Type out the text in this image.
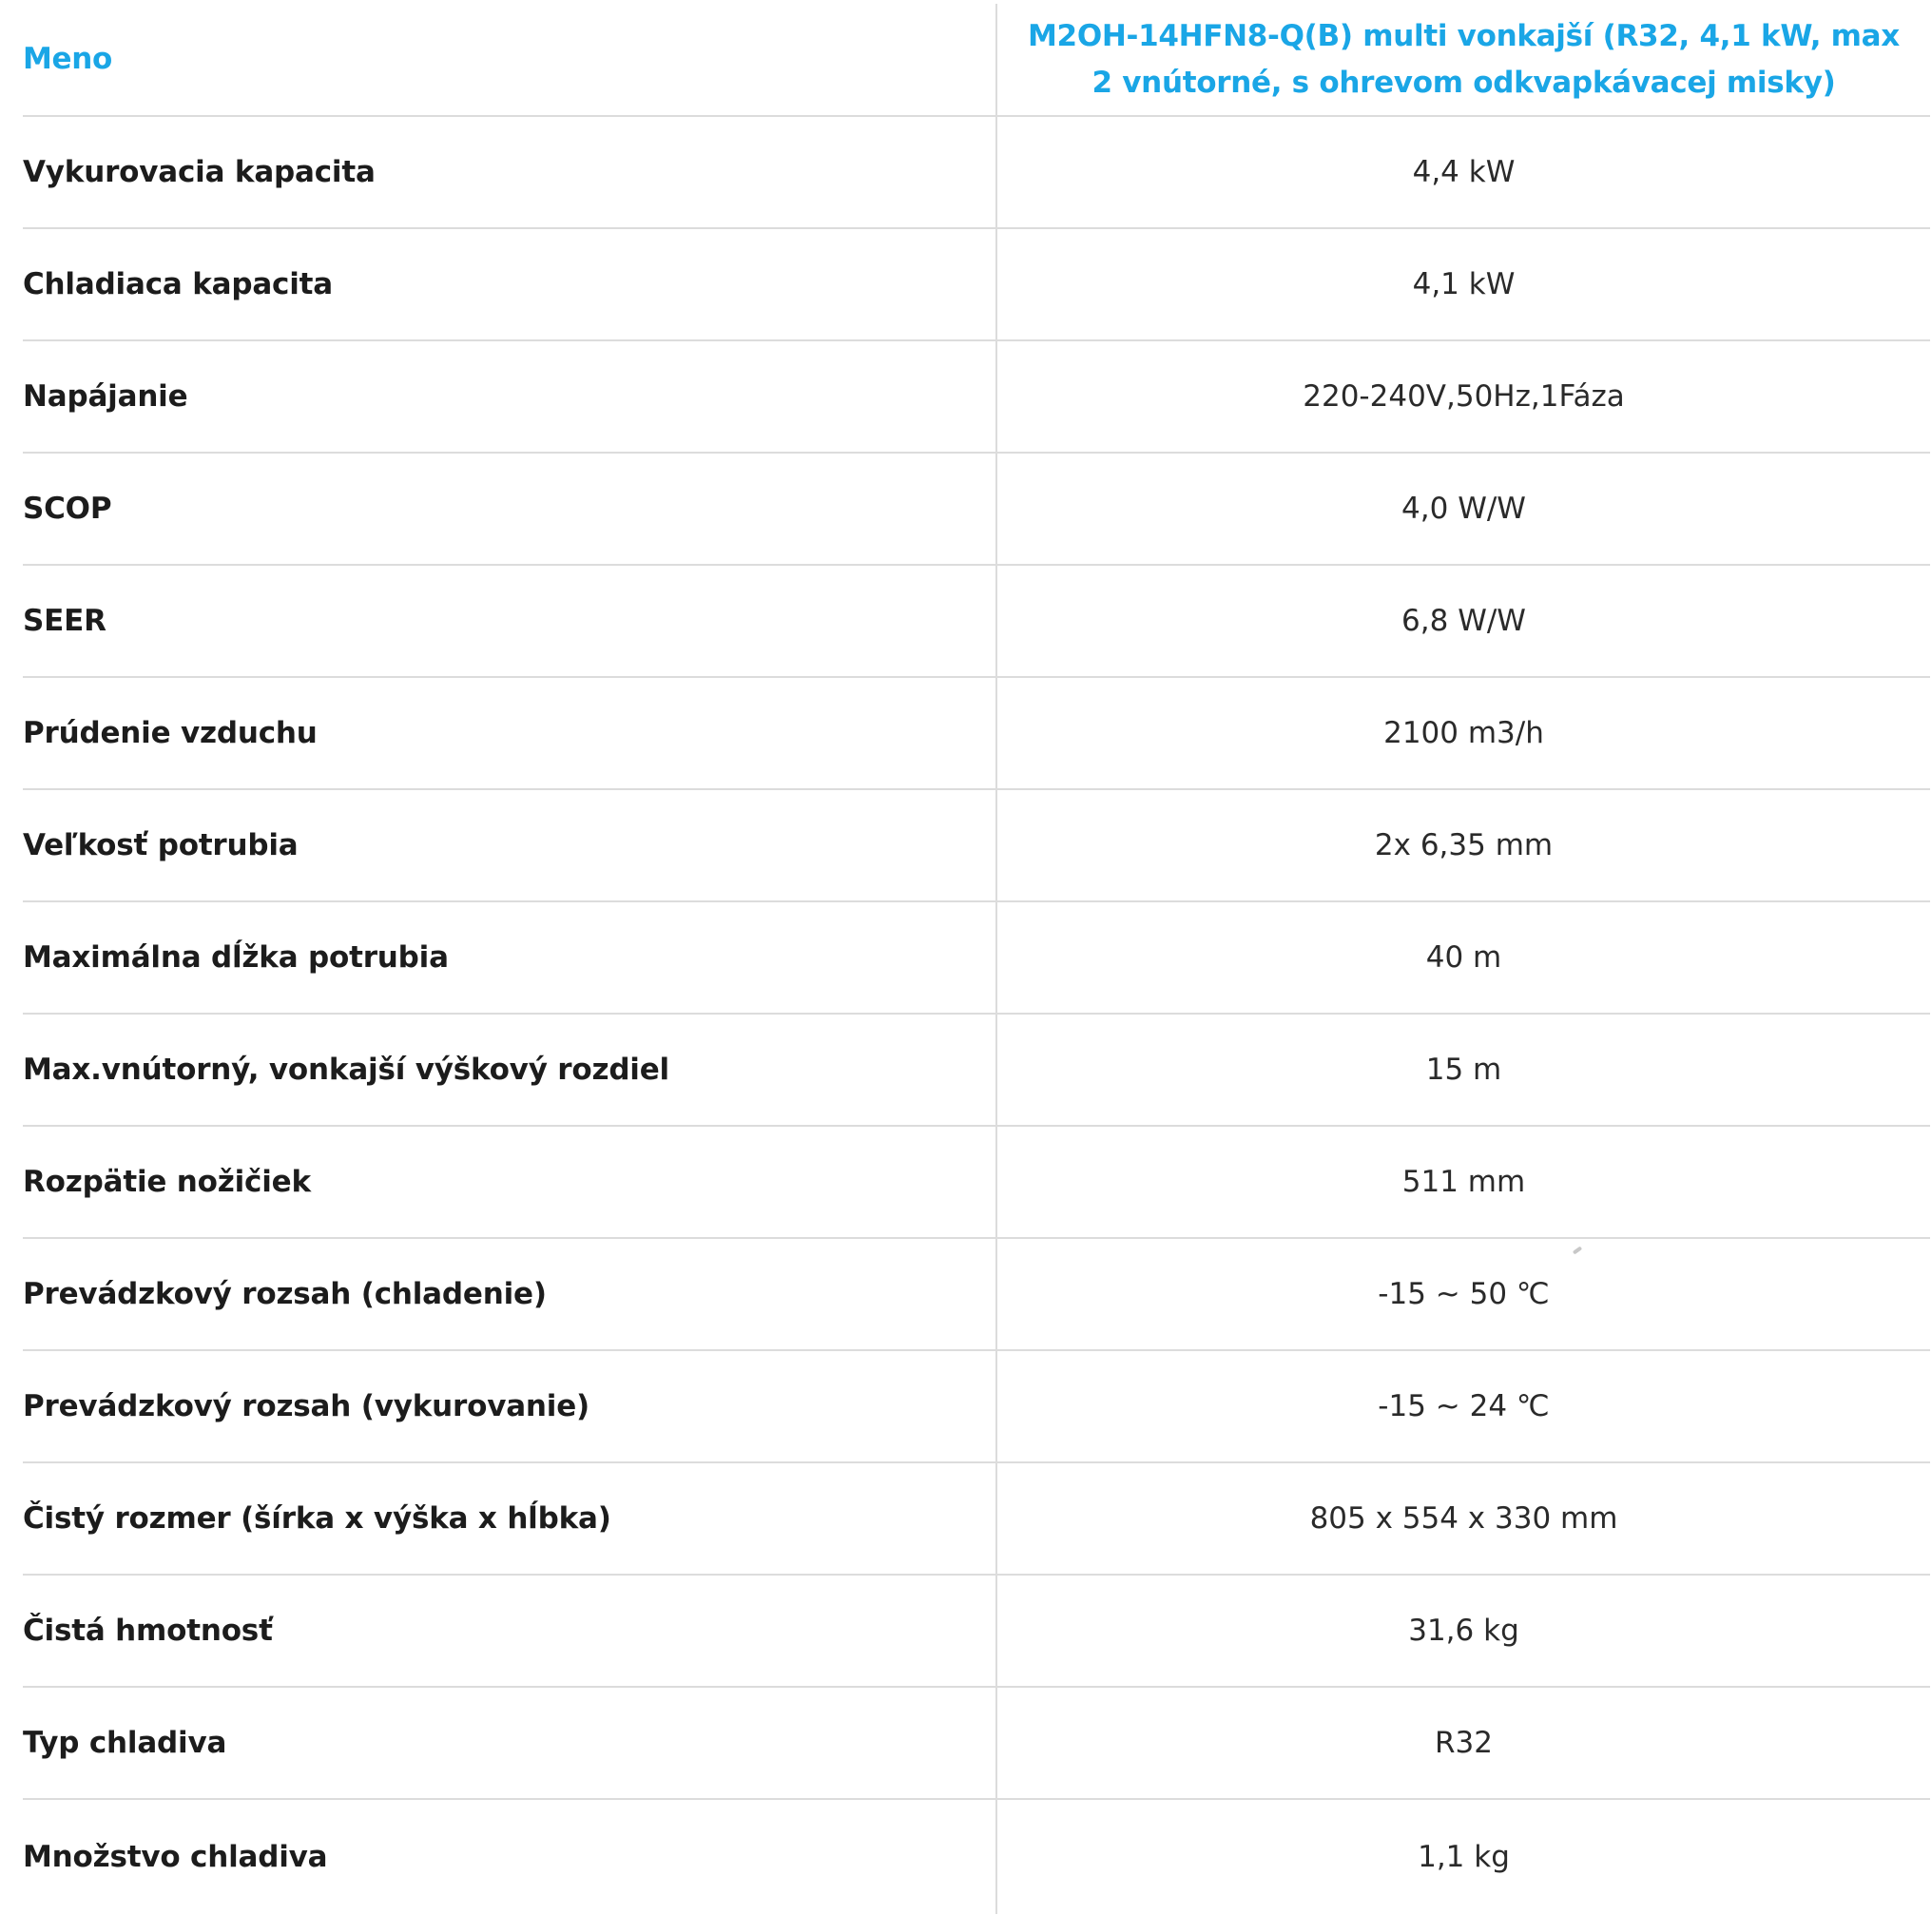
Meno	M2OH-14HFN8-Q(B) multi vonkajší (R32, 4,1 kW, max 2 vnútorné, s ohrevom odkvapkávacej misky)
Vykurovacia kapacita	4,4 kW
Chladiaca kapacita	4,1 kW
Napájanie	220-240V,50Hz,1Fáza
SCOP	4,0 W/W
SEER	6,8 W/W
Prúdenie vzduchu	2100 m3/h
Veľkosť potrubia	2x 6,35 mm
Maximálna dĺžka potrubia	40 m
Max.vnútorný, vonkajší výškový rozdiel	15 m
Rozpätie nožičiek	511 mm
Prevádzkový rozsah (chladenie)	-15 ~ 50 ℃
Prevádzkový rozsah (vykurovanie)	-15 ~ 24 ℃
Čistý rozmer (šírka x výška x hĺbka)	805 x 554 x 330 mm
Čistá hmotnosť	31,6 kg
Typ chladiva	R32
Množstvo chladiva	1,1 kg
